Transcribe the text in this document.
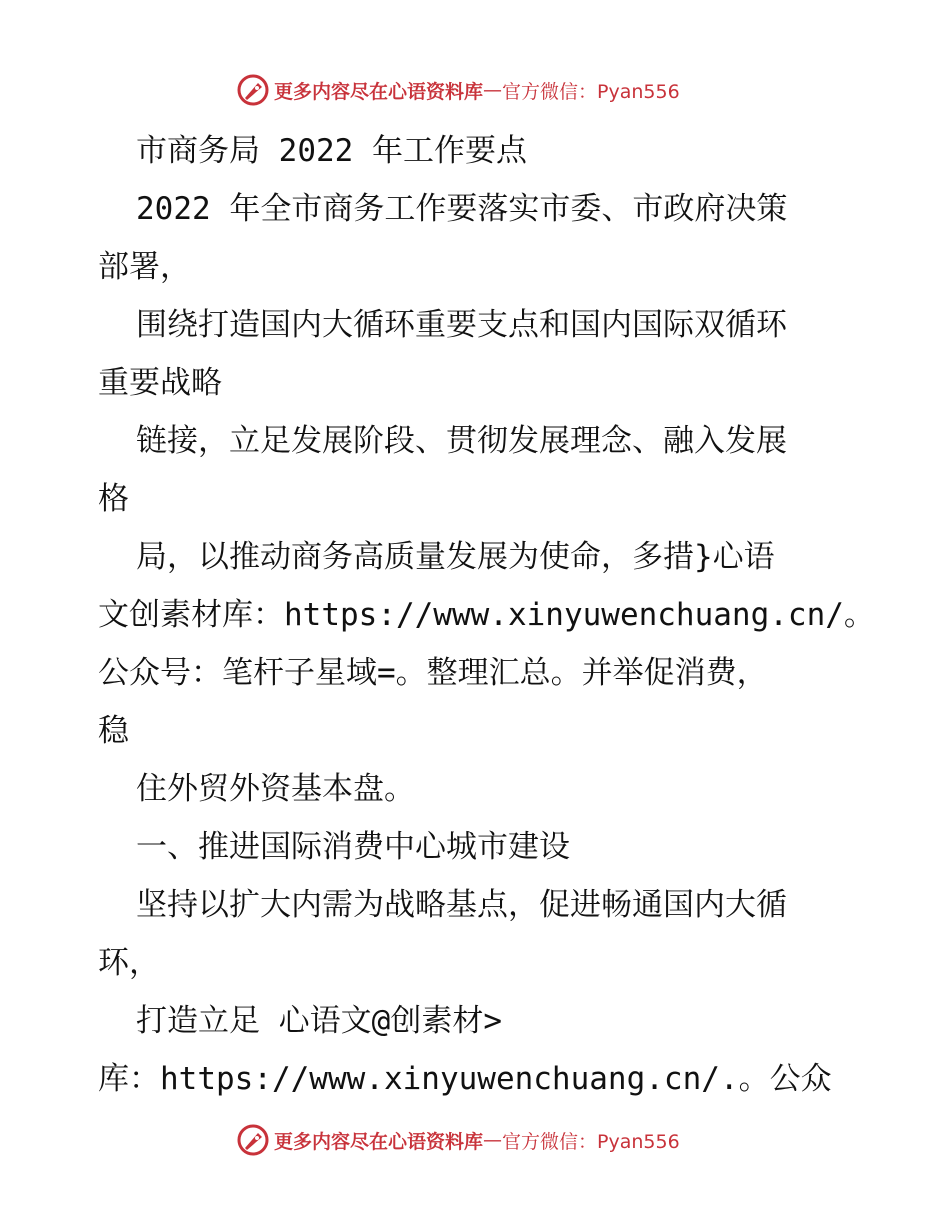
更多内容尽在心语资料库 — 官方微信：Pyan556
市商务局 2022 年工作要点
2022 年全市商务工作要落实市委、市政府决策
部署，
围绕打造国内大循环重要支点和国内国际双循环
重要战略
链接，立足发展阶段、贯彻发展理念、融入发展
格
局，以推动商务高质量发展为使命，多措}心语
文创素材库：https://www.xinyuwenchuang.cn/。
公众号：笔杆子星域=。整理汇总。并举促消费，
稳
住外贸外资基本盘。
一、推进国际消费中心城市建设
坚持以扩大内需为战略基点，促进畅通国内大循
环，
打造立足 心语文@创素材>
库：https://www.xinyuwenchuang.cn/.。公众
更多内容尽在心语资料库 — 官方微信：Pyan556
